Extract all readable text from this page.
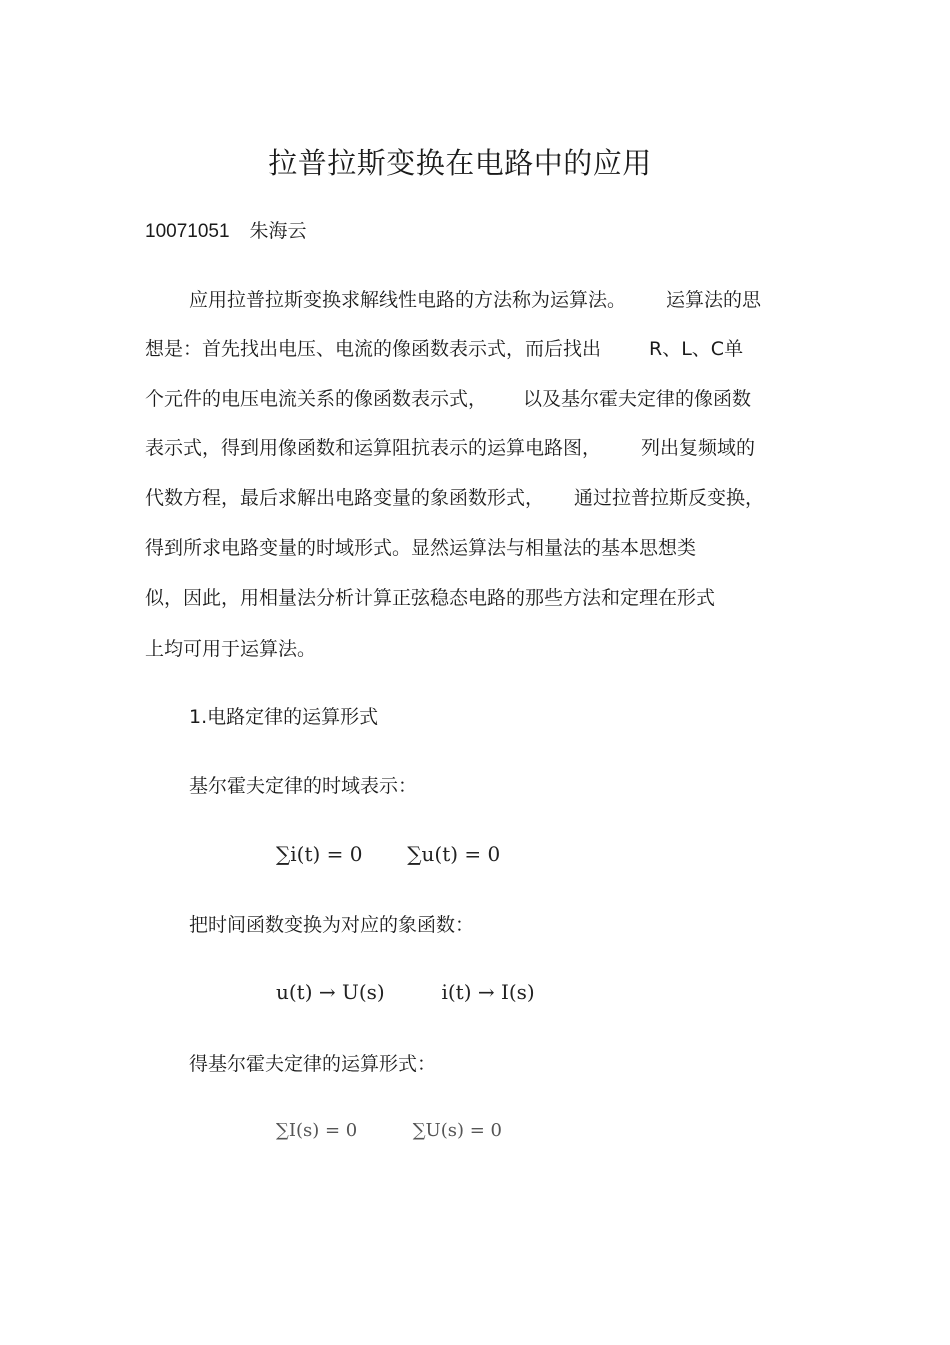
拉普拉斯变换在电路中的应用
10071051 朱海云
应用拉普拉斯变换求解线性电路的方法称为运算法。 运算法的思
想是：首先找出电压、电流的像函数表示式，而后找出	R、L、C单
个元件的电压电流关系的像函数表示式， 以及基尔霍夫定律的像函数
表示式，得到用像函数和运算阻抗表示的运算电路图， 列出复频域的
代数方程，最后求解出电路变量的象函数形式， 通过拉普拉斯反变换，
得到所求电路变量的时域形式。显然运算法与相量法的基本思想类
似，因此，用相量法分析计算正弦稳态电路的那些方法和定理在形式
上均可用于运算法。
1.电路定律的运算形式
基尔霍夫定律的时域表示：
∑i(t) = 0 ∑u(t) = 0
把时间函数变换为对应的象函数：
u(t) → U(s)	i(t) → I(s)
得基尔霍夫定律的运算形式：
∑I(s) = 0	∑U(s) = 0
